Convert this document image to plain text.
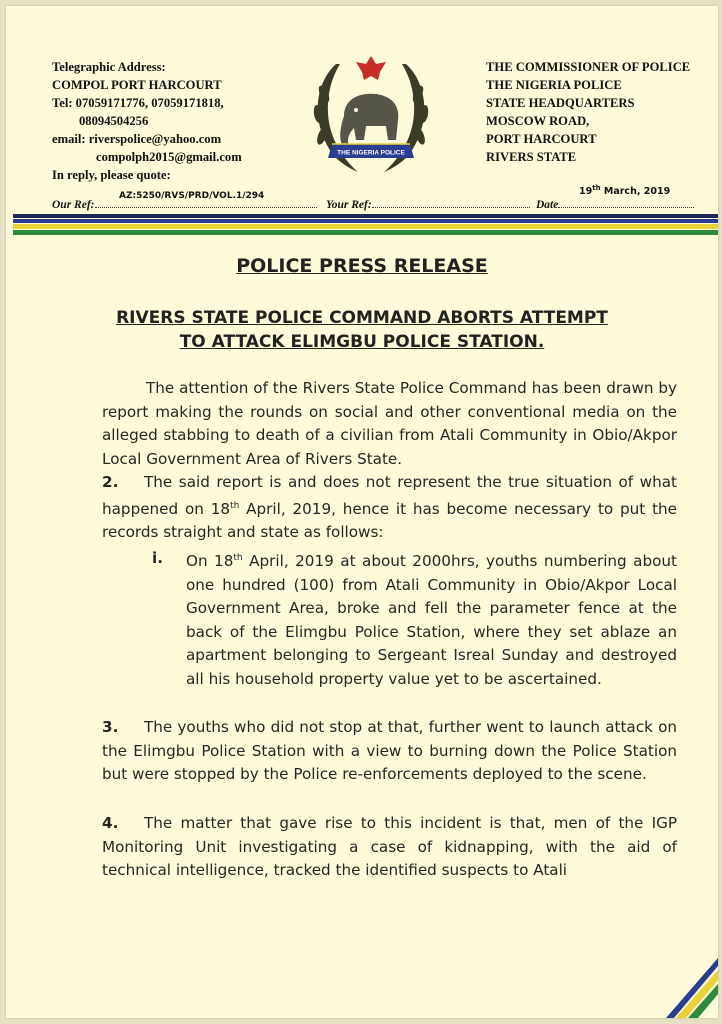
Telegraphic Address:
COMPOL PORT HARCOURT
Tel: 07059171776, 07059171818,
08094504256
email: riverspolice@yahoo.com
compolph2015@gmail.com
In reply, please quote:
THE NIGERIA POLICE
THE COMMISSIONER OF POLICE
THE NIGERIA POLICE
STATE HEADQUARTERS
MOSCOW ROAD,
PORT HARCOURT
RIVERS STATE
AZ:5250/RVS/PRD/VOL.1/294	19th March, 2019
Our Ref:	Your Ref:	Date
POLICE PRESS RELEASE
RIVERS STATE POLICE COMMAND ABORTS ATTEMPT
TO ATTACK ELIMGBU POLICE STATION.
The attention of the Rivers State Police Command has been drawn by report making the rounds on social and other conventional media on the alleged stabbing to death of a civilian from Atali Community in Obio/Akpor Local Government Area of Rivers State.
2. The said report is and does not represent the true situation of what happened on 18th April, 2019, hence it has become necessary to put the records straight and state as follows:
i. On 18th April, 2019 at about 2000hrs, youths numbering about one hundred (100) from Atali Community in Obio/Akpor Local Government Area, broke and fell the parameter fence at the back of the Elimgbu Police Station, where they set ablaze an apartment belonging to Sergeant Isreal Sunday and destroyed all his household property value yet to be ascertained.
3. The youths who did not stop at that, further went to launch attack on the Elimgbu Police Station with a view to burning down the Police Station but were stopped by the Police re-enforcements deployed to the scene.
4. The matter that gave rise to this incident is that, men of the IGP Monitoring Unit investigating a case of kidnapping, with the aid of technical intelligence, tracked the identified suspects to Atali
